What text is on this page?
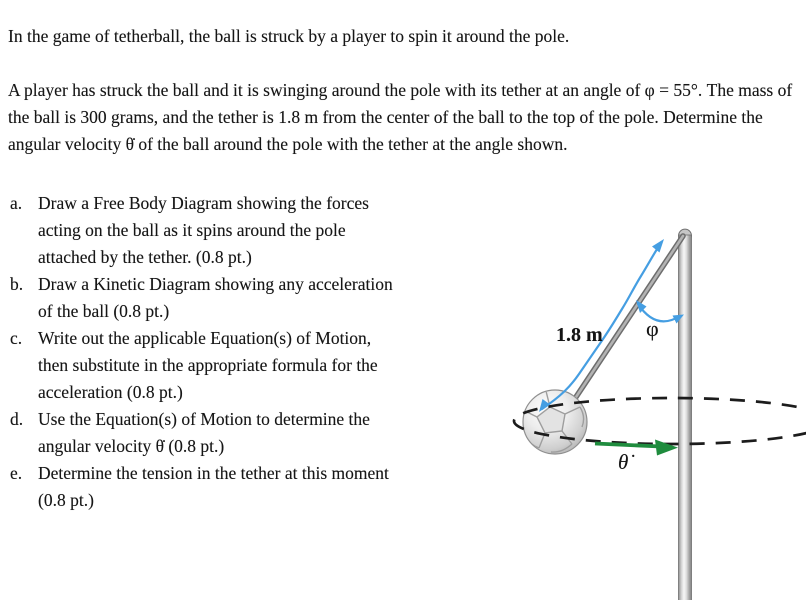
In the game of tetherball, the ball is struck by a player to spin it around the pole.

A player has struck the ball and it is swinging around the pole with its tether at an angle of φ = 55°. The mass of the ball is 300 grams, and the tether is 1.8 m from the center of the ball to the top of the pole. Determine the angular velocity θ̇ of the ball around the pole with the tether at the angle shown.

a. Draw a Free Body Diagram showing the forces acting on the ball as it spins around the pole attached by the tether. (0.8 pt.)
b. Draw a Kinetic Diagram showing any acceleration of the ball (0.8 pt.)
c. Write out the applicable Equation(s) of Motion, then substitute in the appropriate formula for the acceleration (0.8 pt.)
d. Use the Equation(s) of Motion to determine the angular velocity θ̇ (0.8 pt.)
e. Determine the tension in the tether at this moment (0.8 pt.)
1.8 m φ
θ̇
